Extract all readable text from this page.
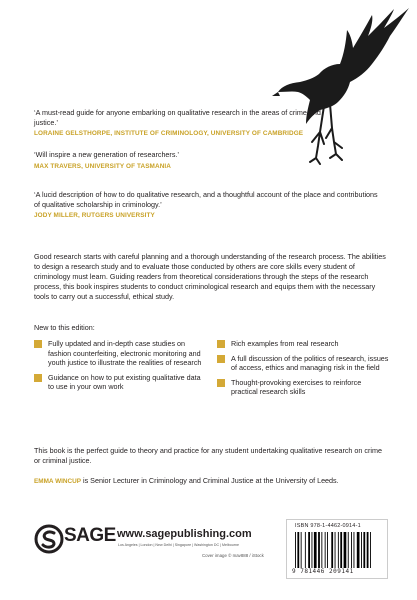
‘A must-read guide for anyone embarking on qualitative research in the areas of crime and justice.’
LORAINE GELSTHORPE, INSTITUTE OF CRIMINOLOGY, UNIVERSITY OF CAMBRIDGE
‘Will inspire a new generation of researchers.’
MAX TRAVERS, UNIVERSITY OF TASMANIA
‘A lucid description of how to do qualitative research, and a thoughtful account of the place and contributions of qualitative scholarship in criminology.’
JODY MILLER, RUTGERS UNIVERSITY
Good research starts with careful planning and a thorough understanding of the research process. The abilities to design a research study and to evaluate those conducted by others are core skills every student of criminology must learn. Guiding readers from theoretical considerations through the steps of the research process, this book inspires students to conduct criminological research and equips them with the necessary tools to carry out a successful, ethical study.
New to this edition:
Fully updated and in-depth case studies on fashion counterfeiting, electronic monitoring and youth justice to illustrate the realities of research
Guidance on how to put existing qualitative data to use in your own work
Rich examples from real research
A full discussion of the politics of research, issues of access, ethics and managing risk in the field
Thought-provoking exercises to reinforce practical research skills
This book is the perfect guide to theory and practice for any student undertaking qualitative research on crime or criminal justice.
EMMA WINCUP is Senior Lecturer in Criminology and Criminal Justice at the University of Leeds.
SAGE www.sagepublishing.com
Los Angeles | London | New Delhi | Singapore | Washington DC | Melbourne
Cover image © mav888 / iStock
ISBN 978-1-4462-0914-1
9 781446 209141
